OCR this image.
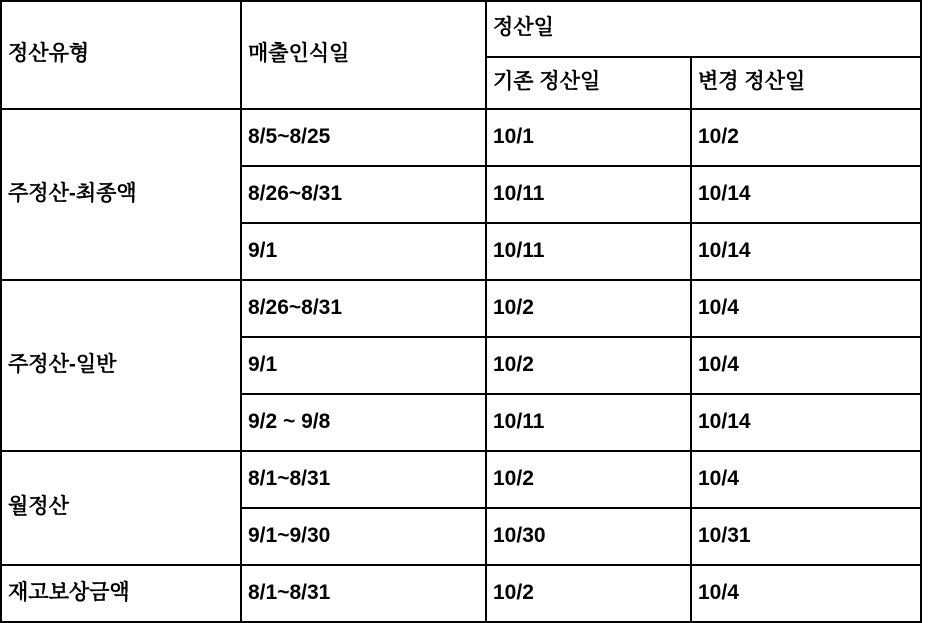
정산유형	매출인식일	정산일	
		기존 정산일	변경 정산일
주정산-최종액	8/5~8/25	10/1	10/2
	8/26~8/31	10/11	10/14
	9/1	10/11	10/14
주정산-일반	8/26~8/31	10/2	10/4
	9/1	10/2	10/4
	9/2 ~ 9/8	10/11	10/14
월정산	8/1~8/31	10/2	10/4
	9/1~9/30	10/30	10/31
재고보상금액	8/1~8/31	10/2	10/4
